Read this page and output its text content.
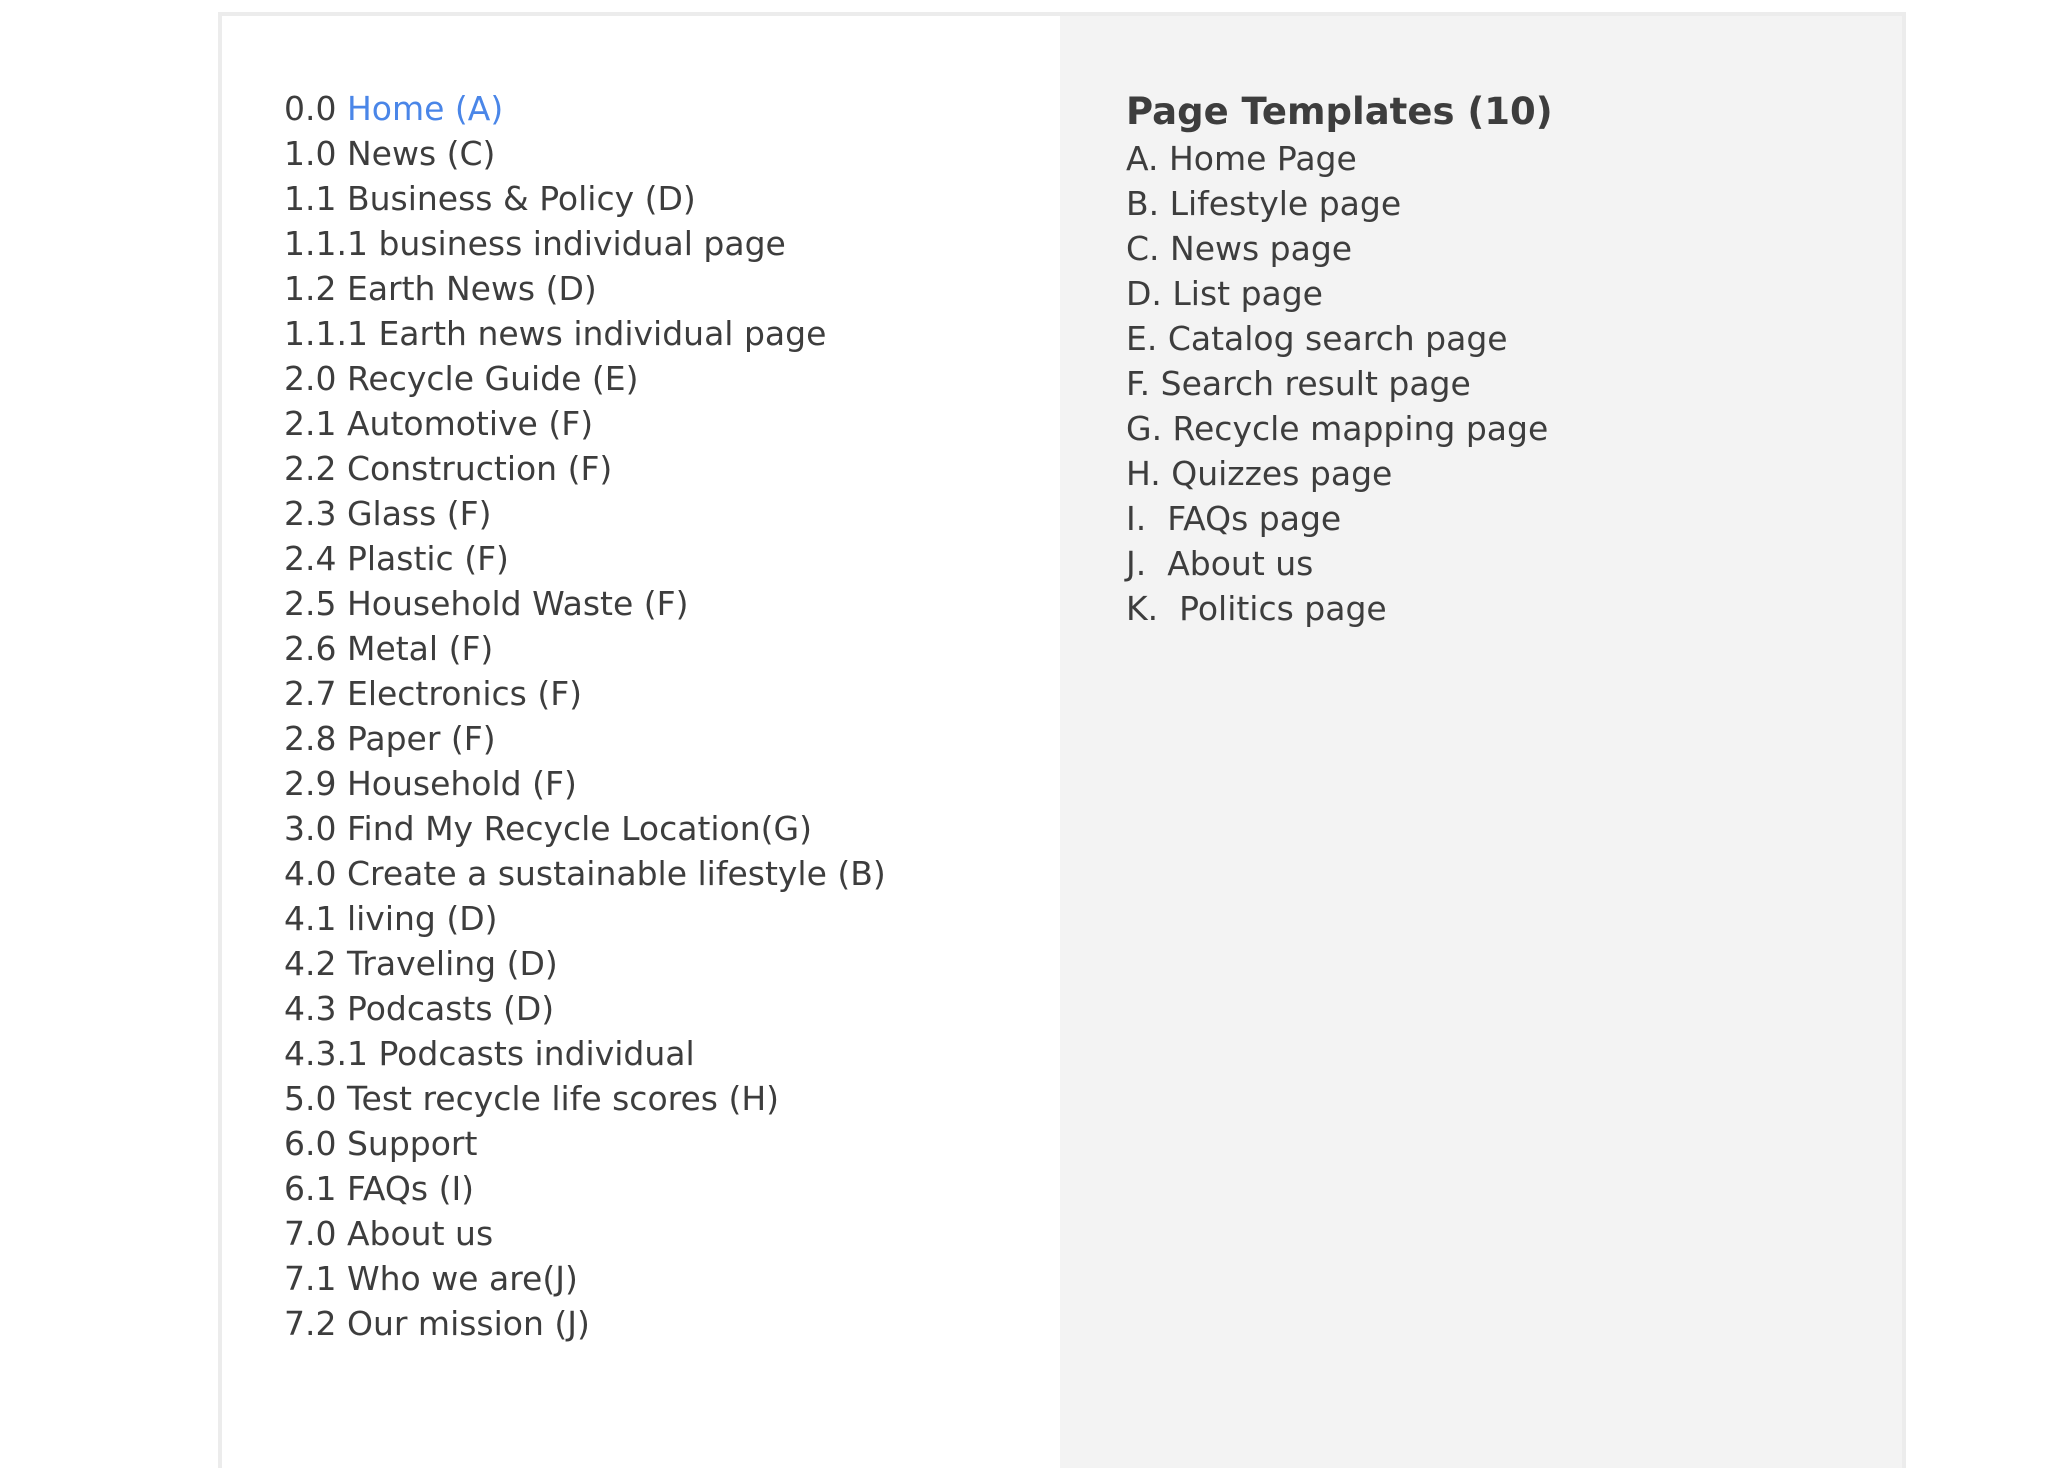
0.0 Home (A)
1.0 News (C)
1.1 Business & Policy (D)
1.1.1 business individual page
1.2 Earth News (D)
1.1.1 Earth news individual page
2.0 Recycle Guide (E)
2.1 Automotive (F)
2.2 Construction (F)
2.3 Glass (F)
2.4 Plastic (F)
2.5 Household Waste (F)
2.6 Metal (F)
2.7 Electronics (F)
2.8 Paper (F)
2.9 Household (F)
3.0 Find My Recycle Location(G)
4.0 Create a sustainable lifestyle (B)
4.1 living (D)
4.2 Traveling (D)
4.3 Podcasts (D)
4.3.1 Podcasts individual
5.0 Test recycle life scores (H)
6.0 Support
6.1 FAQs (I)
7.0 About us
7.1 Who we are(J)
7.2 Our mission (J)
Page Templates (10)
A. Home Page
B. Lifestyle page
C. News page
D. List page
E. Catalog search page
F. Search result page
G. Recycle mapping page
H. Quizzes page
I.  FAQs page
J.  About us
K.  Politics page
